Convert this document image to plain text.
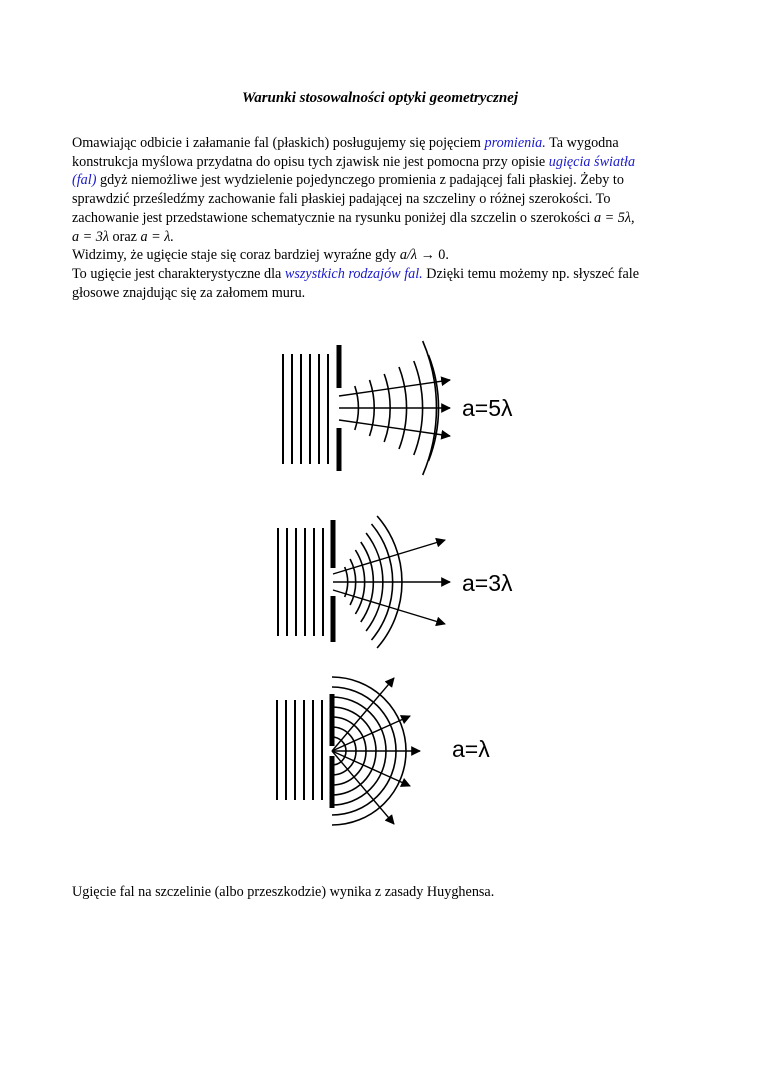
Warunki stosowalności optyki geometrycznej
Omawiając odbicie i załamanie fal (płaskich) posługujemy się pojęciem promienia. Ta wygodna
konstrukcja myślowa przydatna do opisu tych zjawisk nie jest pomocna przy opisie ugięcia światła
(fal) gdyż niemożliwe jest wydzielenie pojedynczego promienia z padającej fali płaskiej. Żeby to
sprawdzić prześledźmy zachowanie fali płaskiej padającej na szczeliny o różnej szerokości. To
zachowanie jest przedstawione schematycznie na rysunku poniżej dla szczelin o szerokości a = 5λ,
a = 3λ oraz a = λ.
Widzimy, że ugięcie staje się coraz bardziej wyraźne gdy a/λ → 0.
To ugięcie jest charakterystyczne dla wszystkich rodzajów fal. Dzięki temu możemy np. słyszeć fale
głosowe znajdując się za załomem muru.
a=5λ
a=3λ
a=λ
Ugięcie fal na szczelinie (albo przeszkodzie) wynika z zasady Huyghensa.
